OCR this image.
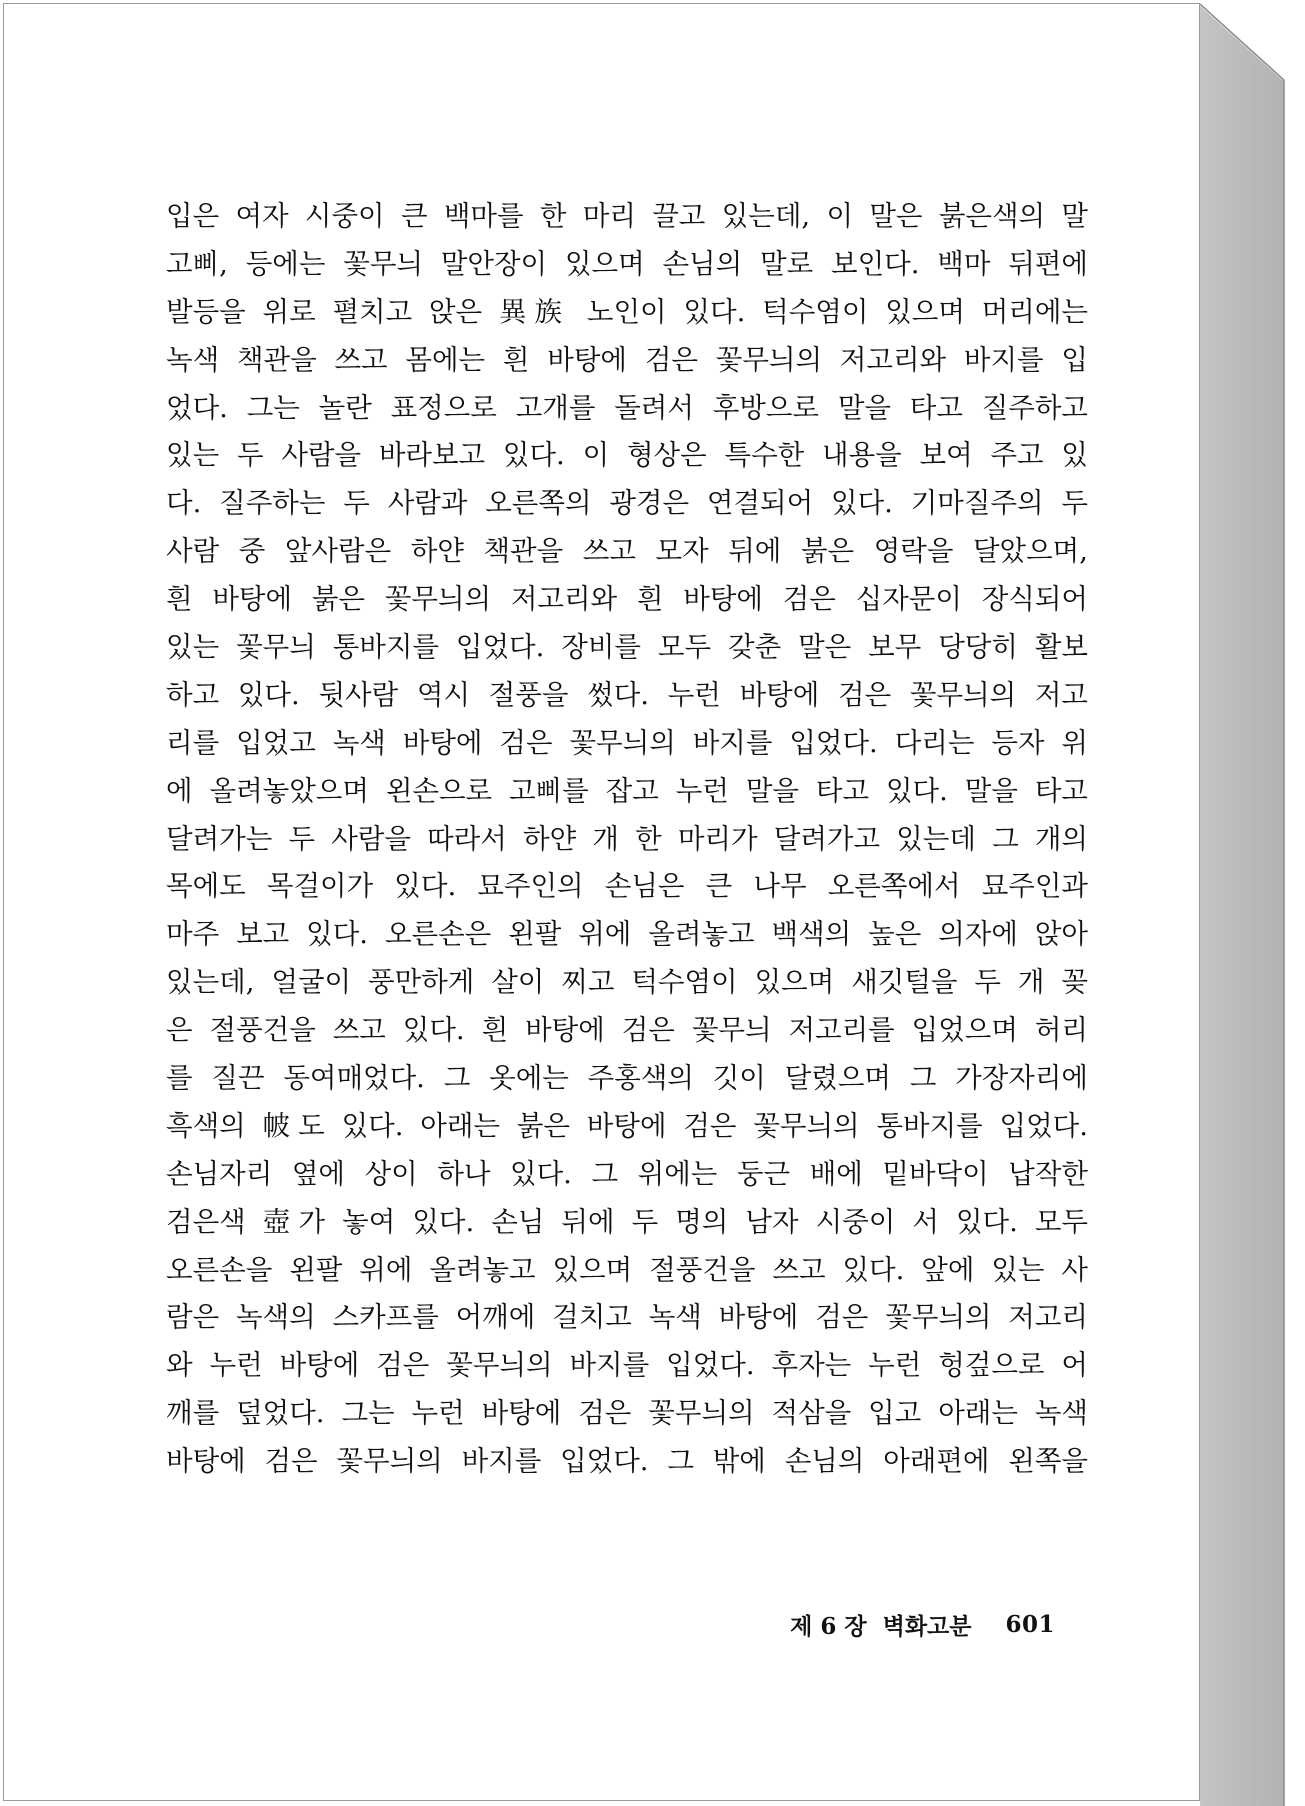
입은 여자 시중이 큰 백마를 한 마리 끌고 있는데, 이 말은 붉은색의 말
고삐, 등에는 꽃무늬 말안장이 있으며 손님의 말로 보인다. 백마 뒤편에
발등을 위로 펼치고 앉은 異族 노인이 있다. 턱수염이 있으며 머리에는
녹색 책관을 쓰고 몸에는 흰 바탕에 검은 꽃무늬의 저고리와 바지를 입
었다. 그는 놀란 표정으로 고개를 돌려서 후방으로 말을 타고 질주하고
있는 두 사람을 바라보고 있다. 이 형상은 특수한 내용을 보여 주고 있
다. 질주하는 두 사람과 오른쪽의 광경은 연결되어 있다. 기마질주의 두
사람 중 앞사람은 하얀 책관을 쓰고 모자 뒤에 붉은 영락을 달았으며,
흰 바탕에 붉은 꽃무늬의 저고리와 흰 바탕에 검은 십자문이 장식되어
있는 꽃무늬 통바지를 입었다. 장비를 모두 갖춘 말은 보무 당당히 활보
하고 있다. 뒷사람 역시 절풍을 썼다. 누런 바탕에 검은 꽃무늬의 저고
리를 입었고 녹색 바탕에 검은 꽃무늬의 바지를 입었다. 다리는 등자 위
에 올려놓았으며 왼손으로 고삐를 잡고 누런 말을 타고 있다. 말을 타고
달려가는 두 사람을 따라서 하얀 개 한 마리가 달려가고 있는데 그 개의
목에도 목걸이가 있다. 묘주인의 손님은 큰 나무 오른쪽에서 묘주인과
마주 보고 있다. 오른손은 왼팔 위에 올려놓고 백색의 높은 의자에 앉아
있는데, 얼굴이 풍만하게 살이 찌고 턱수염이 있으며 새깃털을 두 개 꽂
은 절풍건을 쓰고 있다. 흰 바탕에 검은 꽃무늬 저고리를 입었으며 허리
를 질끈 동여매었다. 그 옷에는 주홍색의 깃이 달렸으며 그 가장자리에
흑색의 帔도 있다. 아래는 붉은 바탕에 검은 꽃무늬의 통바지를 입었다.
손님자리 옆에 상이 하나 있다. 그 위에는 둥근 배에 밑바닥이 납작한
검은색 壺가 놓여 있다. 손님 뒤에 두 명의 남자 시중이 서 있다. 모두
오른손을 왼팔 위에 올려놓고 있으며 절풍건을 쓰고 있다. 앞에 있는 사
람은 녹색의 스카프를 어깨에 걸치고 녹색 바탕에 검은 꽃무늬의 저고리
와 누런 바탕에 검은 꽃무늬의 바지를 입었다. 후자는 누런 헝겊으로 어
깨를 덮었다. 그는 누런 바탕에 검은 꽃무늬의 적삼을 입고 아래는 녹색
바탕에 검은 꽃무늬의 바지를 입었다. 그 밖에 손님의 아래편에 왼쪽을
제 6 장 벽화고분 601
